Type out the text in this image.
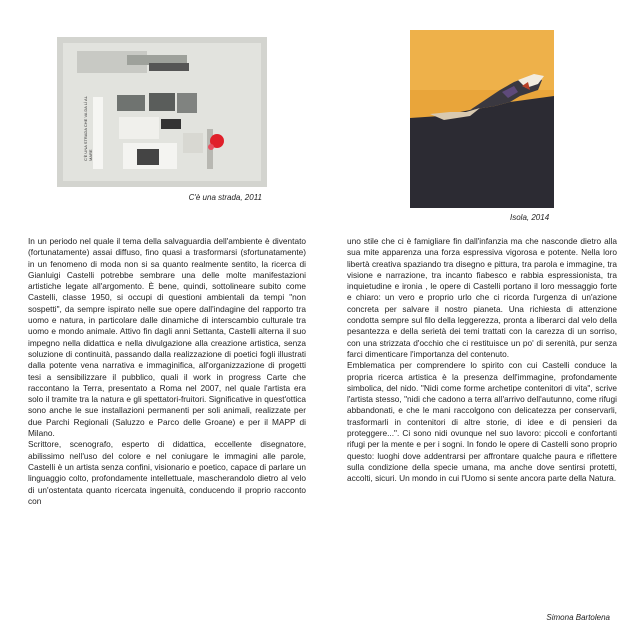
C'È UNA STRADA CHE VA DA LÌ AL MARE
C'è una strada, 2011
Isola, 2014

In un periodo nel quale il tema della salvaguardia dell'ambiente è diventato (fortunatamente) assai diffuso, fino quasi a trasformarsi (sfortunatamente) in un fenomeno di moda non si sa quanto realmente sentito, la ricerca di Gianluigi Castelli potrebbe sembrare una delle molte manifestazioni artistiche legate all'argomento. È bene, quindi, sottolineare subito come Castelli, classe 1950, si occupi di questioni ambientali da tempi "non sospetti", da sempre ispirato nelle sue opere dall'indagine del rapporto tra uomo e natura, in particolare dalle dinamiche di interscambio culturale tra uomo e mondo animale. Attivo fin dagli anni Settanta, Castelli alterna il suo impegno nella didattica e nella divulgazione alla creazione artistica, senza soluzione di continuità, passando dalla realizzazione di poetici fogli illustrati dalla potente vena narrativa e immaginifica, all'organizzazione di progetti tesi a sensibilizzare il pubblico, quali il work in progress Carte che raccontano la Terra, presentato a Roma nel 2007, nel quale l'artista era solo il tramite tra la natura e gli spettatori-fruitori. Significative in quest'ottica sono anche le sue installazioni permanenti per soli animali, realizzate per due Parchi Regionali (Saluzzo e Parco delle Groane) e per il MAPP di Milano.

Scrittore, scenografo, esperto di didattica, eccellente disegnatore, abilissimo nell'uso del colore e nel coniugare le immagini alle parole, Castelli è un artista senza confini, visionario e poetico, capace di parlare un linguaggio colto, profondamente intellettuale, mascherandolo dietro al velo di un'ostentata quanto ricercata ingenuità, conducendo il proprio racconto con

uno stile che ci è famigliare fin dall'infanzia ma che nasconde dietro alla sua mite apparenza una forza espressiva vigorosa e potente. Nella loro libertà creativa spaziando tra disegno e pittura, tra parola e immagine, tra visione e narrazione, tra incanto fiabesco e rabbia espressionista, tra inquietudine e ironia , le opere di Castelli portano il loro messaggio forte e chiaro: un vero e proprio urlo che ci ricorda l'urgenza di un'azione concreta per salvare il nostro pianeta. Una richiesta di attenzione condotta sempre sul filo della leggerezza, pronta a liberarci dal velo della pesantezza e della serietà dei temi trattati con la carezza di un sorriso, con una strizzata d'occhio che ci restituisce un po' di serenità, pur senza farci dimenticare l'importanza del contenuto.

Emblematica per comprendere lo spirito con cui Castelli conduce la propria ricerca artistica è la presenza dell'immagine, profondamente simbolica, del nido. "Nidi come forme archetipe contenitori di vita", scrive l'artista stesso, "nidi che cadono a terra all'arrivo dell'autunno, come rifugi abbandonati, e che le mani raccolgono con delicatezza per conservarli, trasformarli in contenitori di altre storie, di idee e di pensieri da proteggere...". Ci sono nidi ovunque nel suo lavoro: piccoli e confortanti rifugi per la mente e per i sogni. In fondo le opere di Castelli sono proprio questo: luoghi dove addentrarsi per affrontare qualche paura e riflettere sulla condizione della specie umana, ma anche dove sentirsi protetti, accolti, sicuri. Un mondo in cui l'Uomo si sente ancora parte della Natura.

Simona Bartolena
